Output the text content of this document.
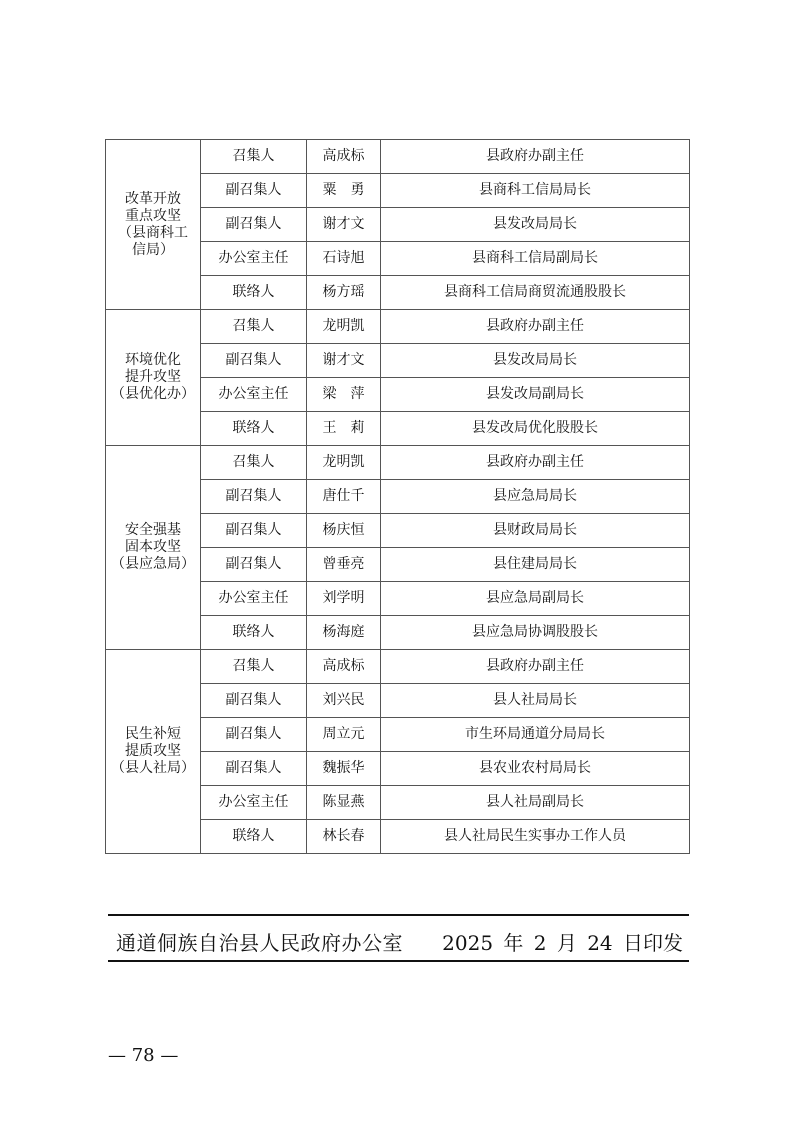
改革开放
重点攻坚
（县商科工
信局）	召集人	高成标	县政府办副主任
	副召集人	粟　勇	县商科工信局局长
	副召集人	谢才文	县发改局局长
	办公室主任	石诗旭	县商科工信局副局长
	联络人	杨方瑶	县商科工信局商贸流通股股长

环境优化
提升攻坚
（县优化办）	召集人	龙明凯	县政府办副主任
	副召集人	谢才文	县发改局局长
	办公室主任	梁　萍	县发改局副局长
	联络人	王　莉	县发改局优化股股长

安全强基
固本攻坚
（县应急局）	召集人	龙明凯	县政府办副主任
	副召集人	唐仕千	县应急局局长
	副召集人	杨庆恒	县财政局局长
	副召集人	曾垂亮	县住建局局长
	办公室主任	刘学明	县应急局副局长
	联络人	杨海庭	县应急局协调股股长

民生补短
提质攻坚
（县人社局）	召集人	高成标	县政府办副主任
	副召集人	刘兴民	县人社局局长
	副召集人	周立元	市生环局通道分局局长
	副召集人	魏振华	县农业农村局局长
	办公室主任	陈显燕	县人社局副局长
	联络人	林长春	县人社局民生实事办工作人员
通道侗族自治县人民政府办公室 2025 年 2 月 24 日印发
— 78 —
